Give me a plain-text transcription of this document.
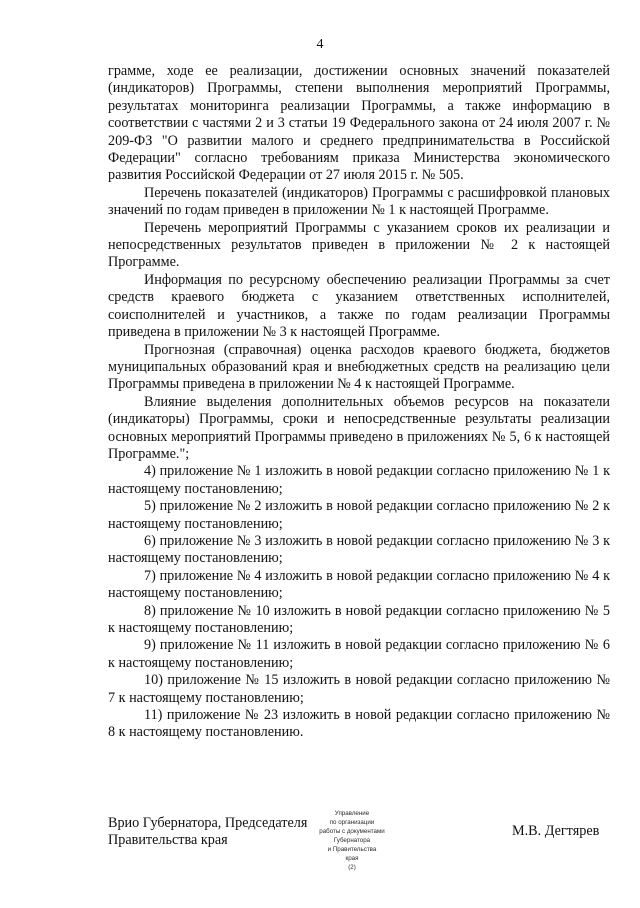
4

грамме, ходе ее реализации, достижении основных значений показателей (индикаторов) Программы, степени выполнения мероприятий Программы, результатах мониторинга реализации Программы, а также информацию в соответствии с частями 2 и 3 статьи 19 Федерального закона от 24 июля 2007 г. № 209-ФЗ "О развитии малого и среднего предпринимательства в Российской Федерации" согласно требованиям приказа Министерства экономического развития Российской Федерации от 27 июля 2015 г. № 505.

Перечень показателей (индикаторов) Программы с расшифровкой плановых значений по годам приведен в приложении № 1 к настоящей Программе.

Перечень мероприятий Программы с указанием сроков их реализации и непосредственных результатов приведен в приложении № 2 к настоящей Программе.

Информация по ресурсному обеспечению реализации Программы за счет средств краевого бюджета с указанием ответственных исполнителей, соисполнителей и участников, а также по годам реализации Программы приведена в приложении № 3 к настоящей Программе.

Прогнозная (справочная) оценка расходов краевого бюджета, бюджетов муниципальных образований края и внебюджетных средств на реализацию цели Программы приведена в приложении № 4 к настоящей Программе.

Влияние выделения дополнительных объемов ресурсов на показатели (индикаторы) Программы, сроки и непосредственные результаты реализации основных мероприятий Программы приведено в приложениях № 5, 6 к настоящей Программе.";

4) приложение № 1 изложить в новой редакции согласно приложению № 1 к настоящему постановлению;

5) приложение № 2 изложить в новой редакции согласно приложению № 2 к настоящему постановлению;

6) приложение № 3 изложить в новой редакции согласно приложению № 3 к настоящему постановлению;

7) приложение № 4 изложить в новой редакции согласно приложению № 4 к настоящему постановлению;

8) приложение № 10 изложить в новой редакции согласно приложению № 5 к настоящему постановлению;

9) приложение № 11 изложить в новой редакции согласно приложению № 6 к настоящему постановлению;

10) приложение № 15 изложить в новой редакции согласно приложению № 7 к настоящему постановлению;

11) приложение № 23 изложить в новой редакции согласно приложению № 8 к настоящему постановлению.

Врио Губернатора, Председателя
Правительства края
Управление
по организации
работы с документами
Губернатора
и Правительства
края
(2)
М.В. Дегтярев
